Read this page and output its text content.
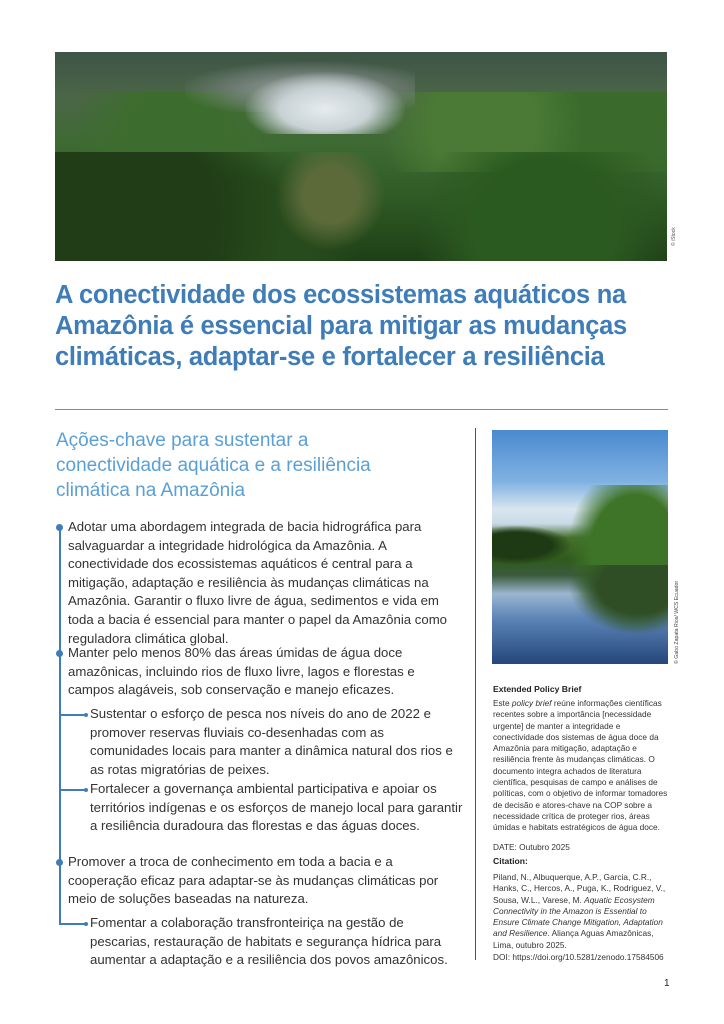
© iStock
A conectividade dos ecossistemas aquáticos na Amazônia é essencial para mitigar as mudanças climáticas, adaptar-se e fortalecer a resiliência
Ações-chave para sustentar a conectividade aquática e a resiliência climática na Amazônia

Adotar uma abordagem integrada de bacia hidrográfica para salvaguardar a integridade hidrológica da Amazônia. A conectividade dos ecossistemas aquáticos é central para a mitigação, adaptação e resiliência às mudanças climáticas na Amazônia. Garantir o fluxo livre de água, sedimentos e vida em toda a bacia é essencial para manter o papel da Amazônia como reguladora climática global.

Manter pelo menos 80% das áreas úmidas de água doce amazônicas, incluindo rios de fluxo livre, lagos e florestas e campos alagáveis, sob conservação e manejo eficazes.

Sustentar o esforço de pesca nos níveis do ano de 2022 e promover reservas fluviais co-desenhadas com as comunidades locais para manter a dinâmica natural dos rios e as rotas migratórias de peixes.

Fortalecer a governança ambiental participativa e apoiar os territórios indígenas e os esforços de manejo local para garantir a resiliência duradoura das florestas e das águas doces.

Promover a troca de conhecimento em toda a bacia e a cooperação eficaz para adaptar-se às mudanças climáticas por meio de soluções baseadas na natureza.

Fomentar a colaboração transfronteiriça na gestão de pescarias, restauração de habitats e segurança hídrica para aumentar a adaptação e a resiliência dos povos amazônicos.

© Gabo Zapata Rios/ WCS Ecuador

Extended Policy Brief

Este policy brief reúne informações científicas recentes sobre a importância [necessidade urgente] de manter a integridade e conectividade dos sistemas de água doce da Amazônia para mitigação, adaptação e resiliência frente às mudanças climáticas. O documento integra achados de literatura científica, pesquisas de campo e análises de políticas, com o objetivo de informar tomadores de decisão e atores-chave na COP sobre a necessidade crítica de proteger rios, áreas úmidas e habitats estratégicos de água doce.

DATE: Outubro 2025

Citation:

Piland, N., Albuquerque, A.P., Garcia, C.R., Hanks, C., Hercos, A., Puga, K., Rodriguez, V., Sousa, W.L., Varese, M. Aquatic Ecosystem Connectivity in the Amazon is Essential to Ensure Climate Change Mitigation, Adaptation and Resilience. Aliança Aguas Amazônicas, Lima, outubro 2025.

DOI: https://doi.org/10.5281/zenodo.17584506

1
